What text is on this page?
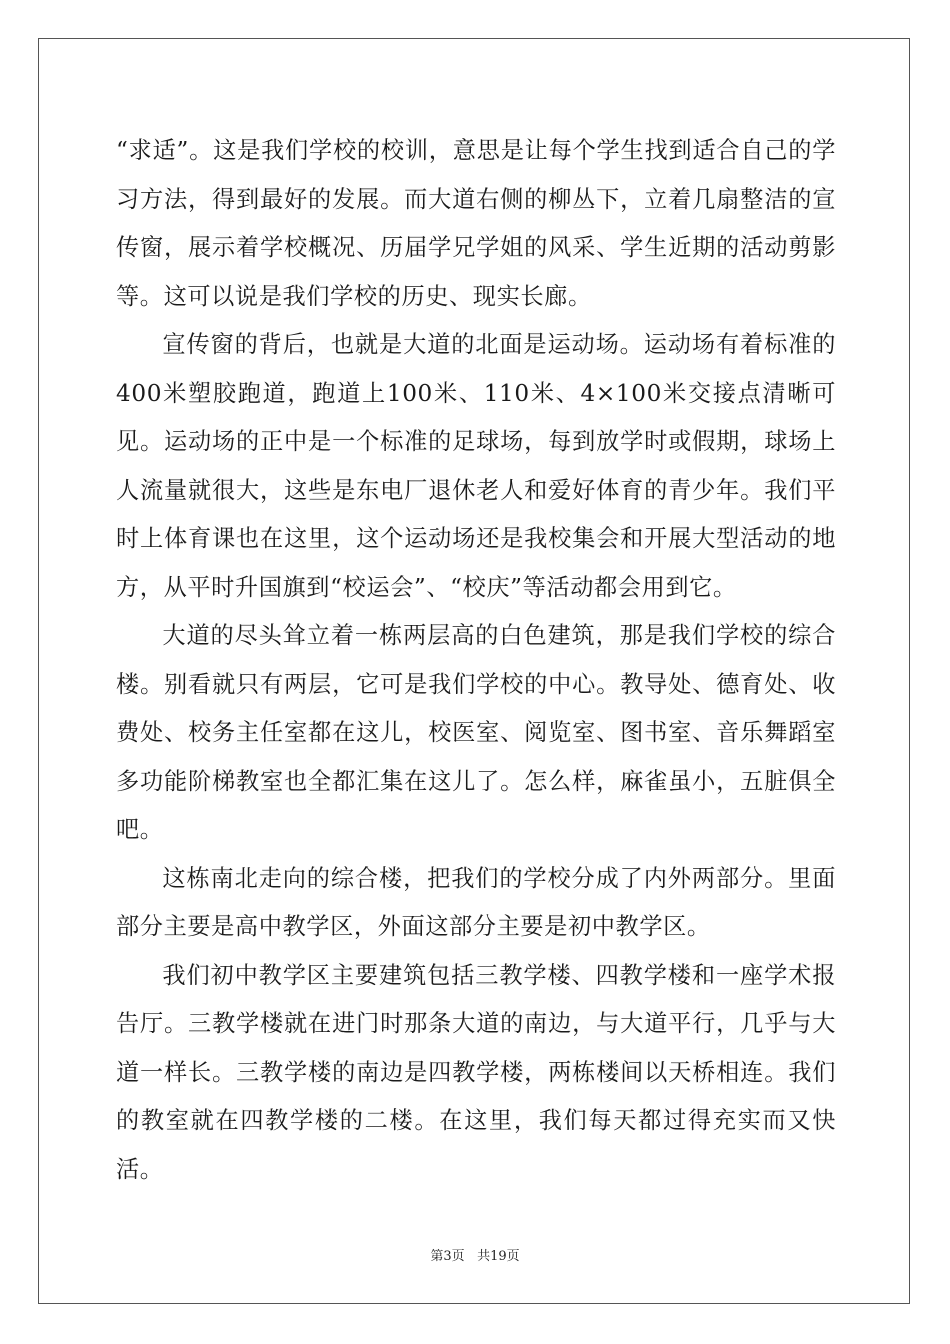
“求适”。这是我们学校的校训，意思是让每个学生找到适合自己的学习方法，得到最好的发展。而大道右侧的柳丛下，立着几扇整洁的宣传窗，展示着学校概况、历届学兄学姐的风采、学生近期的活动剪影等。这可以说是我们学校的历史、现实长廊。

宣传窗的背后，也就是大道的北面是运动场。运动场有着标准的400米塑胶跑道，跑道上100米、110米、4×100米交接点清晰可见。运动场的正中是一个标准的足球场，每到放学时或假期，球场上人流量就很大，这些是东电厂退休老人和爱好体育的青少年。我们平时上体育课也在这里，这个运动场还是我校集会和开展大型活动的地方，从平时升国旗到“校运会”、“校庆”等活动都会用到它。

大道的尽头耸立着一栋两层高的白色建筑，那是我们学校的综合楼。别看就只有两层，它可是我们学校的中心。教导处、德育处、收费处、校务主任室都在这儿，校医室、阅览室、图书室、音乐舞蹈室多功能阶梯教室也全都汇集在这儿了。怎么样，麻雀虽小，五脏俱全吧。

这栋南北走向的综合楼，把我们的学校分成了内外两部分。里面部分主要是高中教学区，外面这部分主要是初中教学区。

我们初中教学区主要建筑包括三教学楼、四教学楼和一座学术报告厅。三教学楼就在进门时那条大道的南边，与大道平行，几乎与大道一样长。三教学楼的南边是四教学楼，两栋楼间以天桥相连。我们的教室就在四教学楼的二楼。在这里，我们每天都过得充实而又快活。

第3页 共19页
